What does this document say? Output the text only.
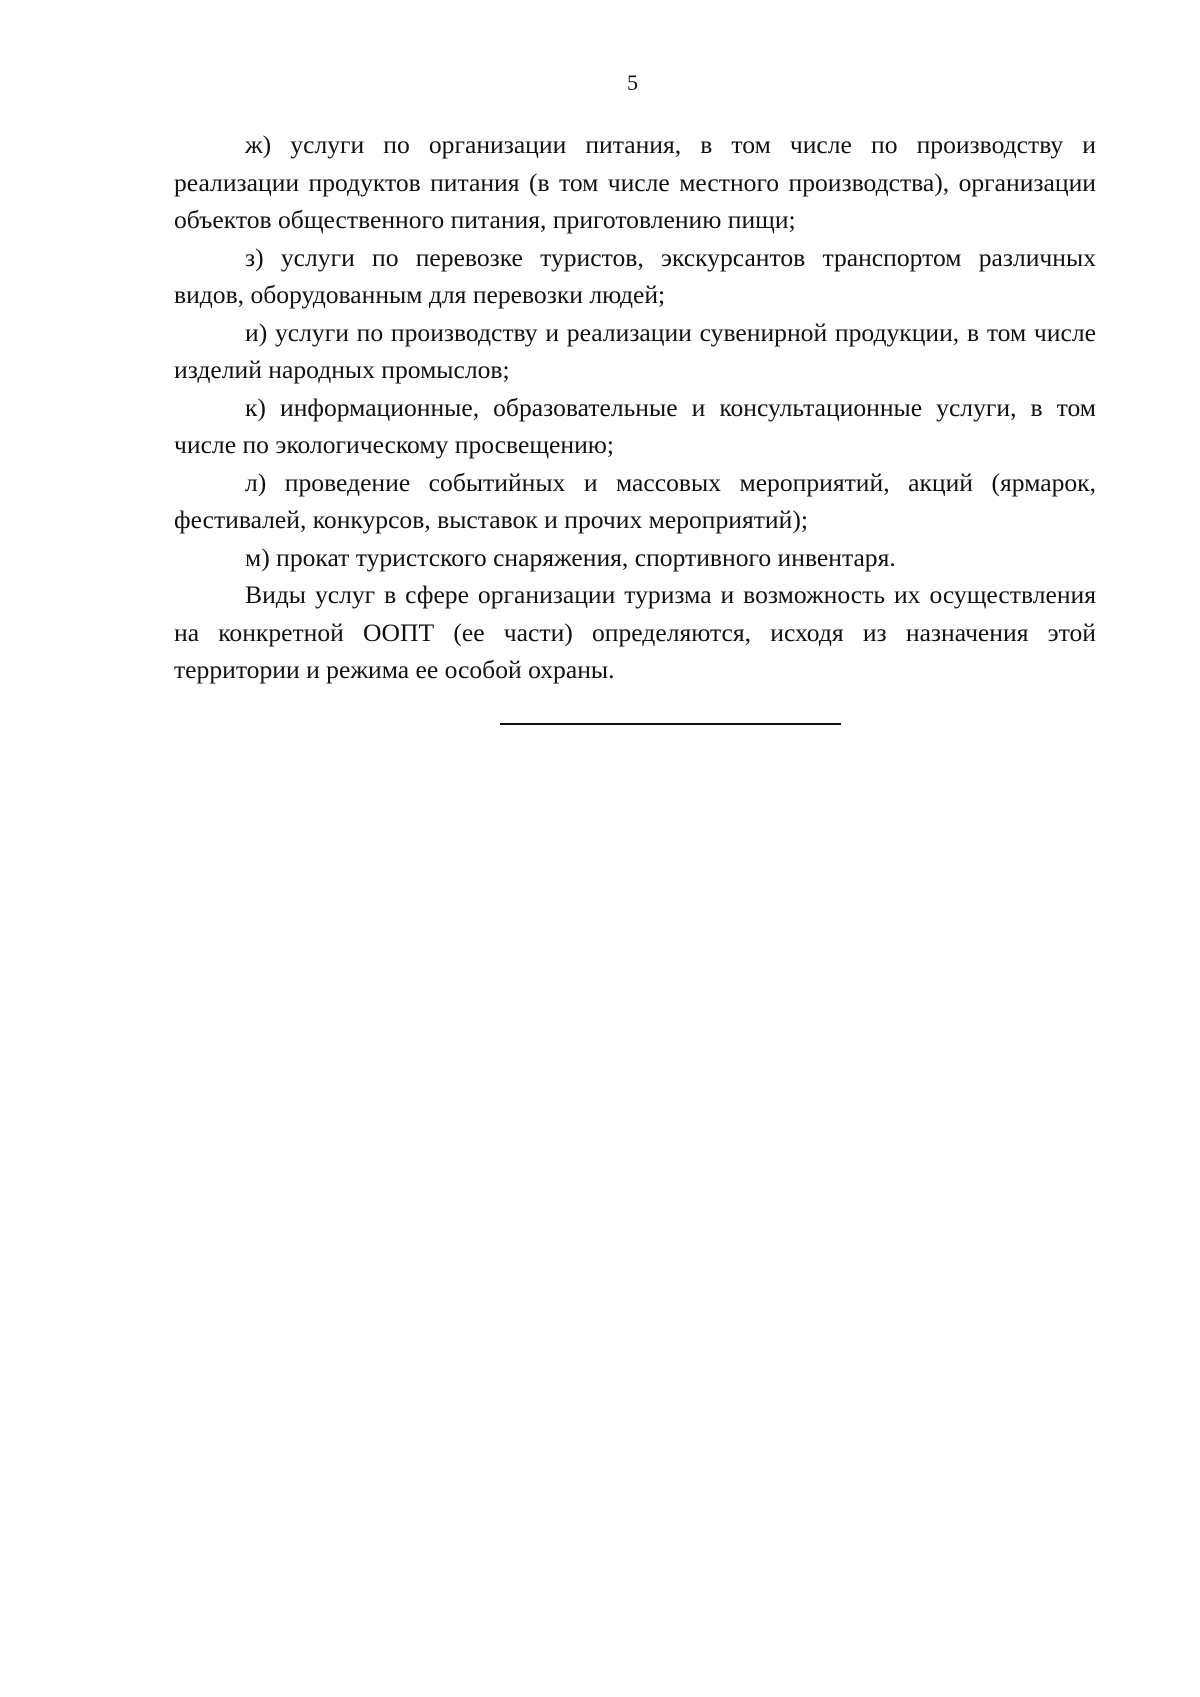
5

ж) услуги по организации питания, в том числе по производству и реализации продуктов питания (в том числе местного производства), организации объектов общественного питания, приготовлению пищи;

з) услуги по перевозке туристов, экскурсантов транспортом различных видов, оборудованным для перевозки людей;

и) услуги по производству и реализации сувенирной продукции, в том числе изделий народных промыслов;

к) информационные, образовательные и консультационные услуги, в том числе по экологическому просвещению;

л) проведение событийных и массовых мероприятий, акций (ярмарок, фестивалей, конкурсов, выставок и прочих мероприятий);

м) прокат туристского снаряжения, спортивного инвентаря.

Виды услуг в сфере организации туризма и возможность их осуществления на конкретной ООПТ (ее части) определяются, исходя из назначения этой территории и режима ее особой охраны.
